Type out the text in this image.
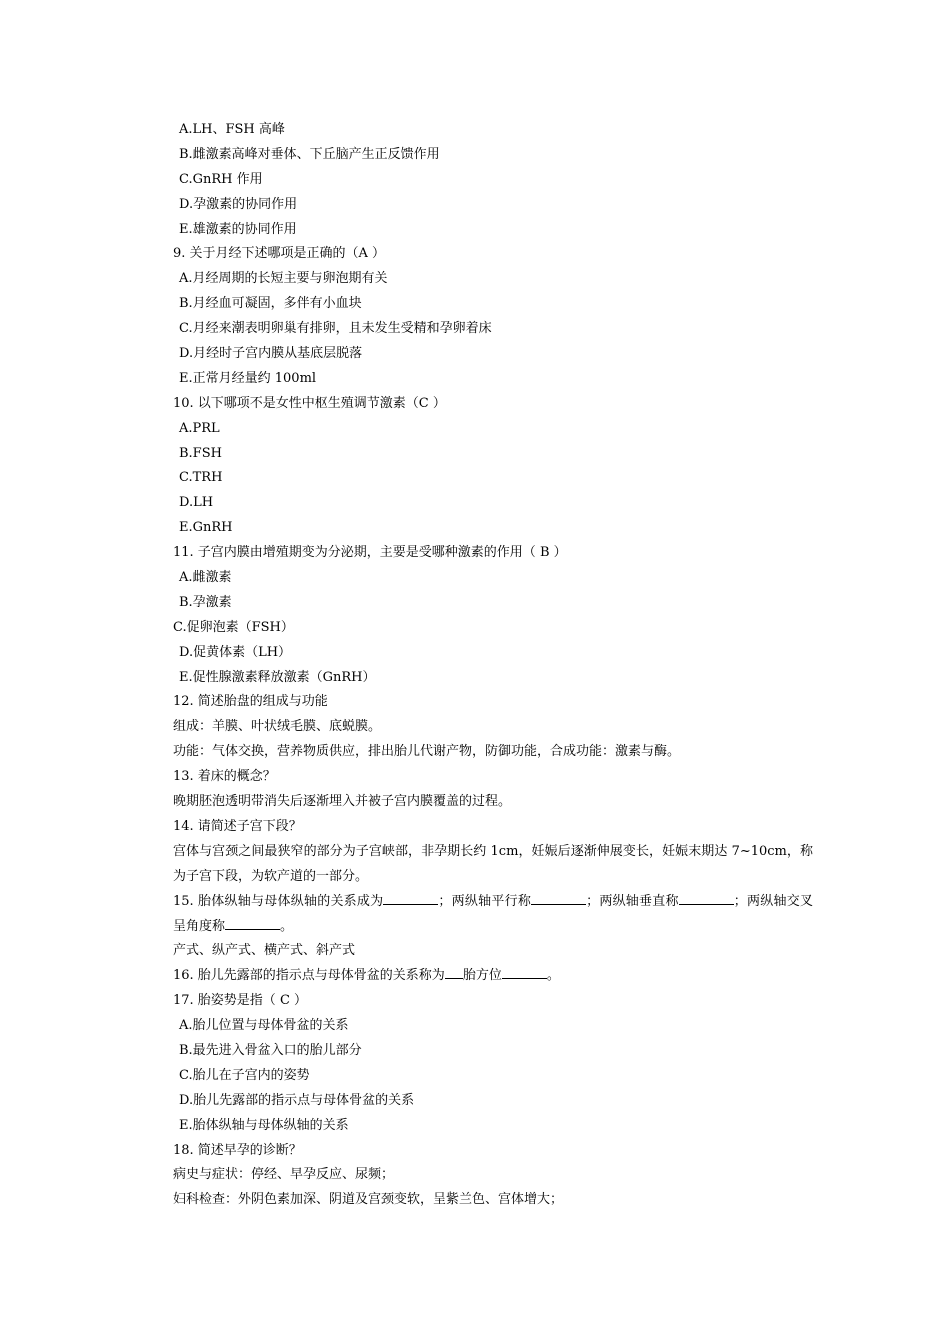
A.LH、FSH 高峰
B.雌激素高峰对垂体、下丘脑产生正反馈作用
C.GnRH 作用
D.孕激素的协同作用
E.雄激素的协同作用
9. 关于月经下述哪项是正确的（A ）
A.月经周期的长短主要与卵泡期有关
B.月经血可凝固，多伴有小血块
C.月经来潮表明卵巢有排卵，且未发生受精和孕卵着床
D.月经时子宫内膜从基底层脱落
E.正常月经量约 100ml
10. 以下哪项不是女性中枢生殖调节激素（C ）
A.PRL
B.FSH
C.TRH
D.LH
E.GnRH
11. 子宫内膜由增殖期变为分泌期，主要是受哪种激素的作用（ B ）
A.雌激素
B.孕激素
C.促卵泡素（FSH）
D.促黄体素（LH）
E.促性腺激素释放激素（GnRH）
12. 简述胎盘的组成与功能
组成：羊膜、叶状绒毛膜、底蜕膜。
功能：气体交换，营养物质供应，排出胎儿代谢产物，防御功能，合成功能：激素与酶。
13. 着床的概念？
晚期胚泡透明带消失后逐渐埋入并被子宫内膜覆盖的过程。
14. 请简述子宫下段？
宫体与宫颈之间最狭窄的部分为子宫峡部，非孕期长约 1cm，妊娠后逐渐伸展变长，妊娠末期达 7~10cm，称为子宫下段，为软产道的一部分。
15. 胎体纵轴与母体纵轴的关系成为	；两纵轴平行称	；两纵轴垂直称	；两纵轴交叉呈角度称	。
产式、纵产式、横产式、斜产式
16. 胎儿先露部的指示点与母体骨盆的关系称为 胎方位	。
17. 胎姿势是指（ C ）
A.胎儿位置与母体骨盆的关系
B.最先进入骨盆入口的胎儿部分
C.胎儿在子宫内的姿势
D.胎儿先露部的指示点与母体骨盆的关系
E.胎体纵轴与母体纵轴的关系
18. 简述早孕的诊断？
病史与症状：停经、早孕反应、尿频；
妇科检查：外阴色素加深、阴道及宫颈变软，呈紫兰色、宫体增大；
